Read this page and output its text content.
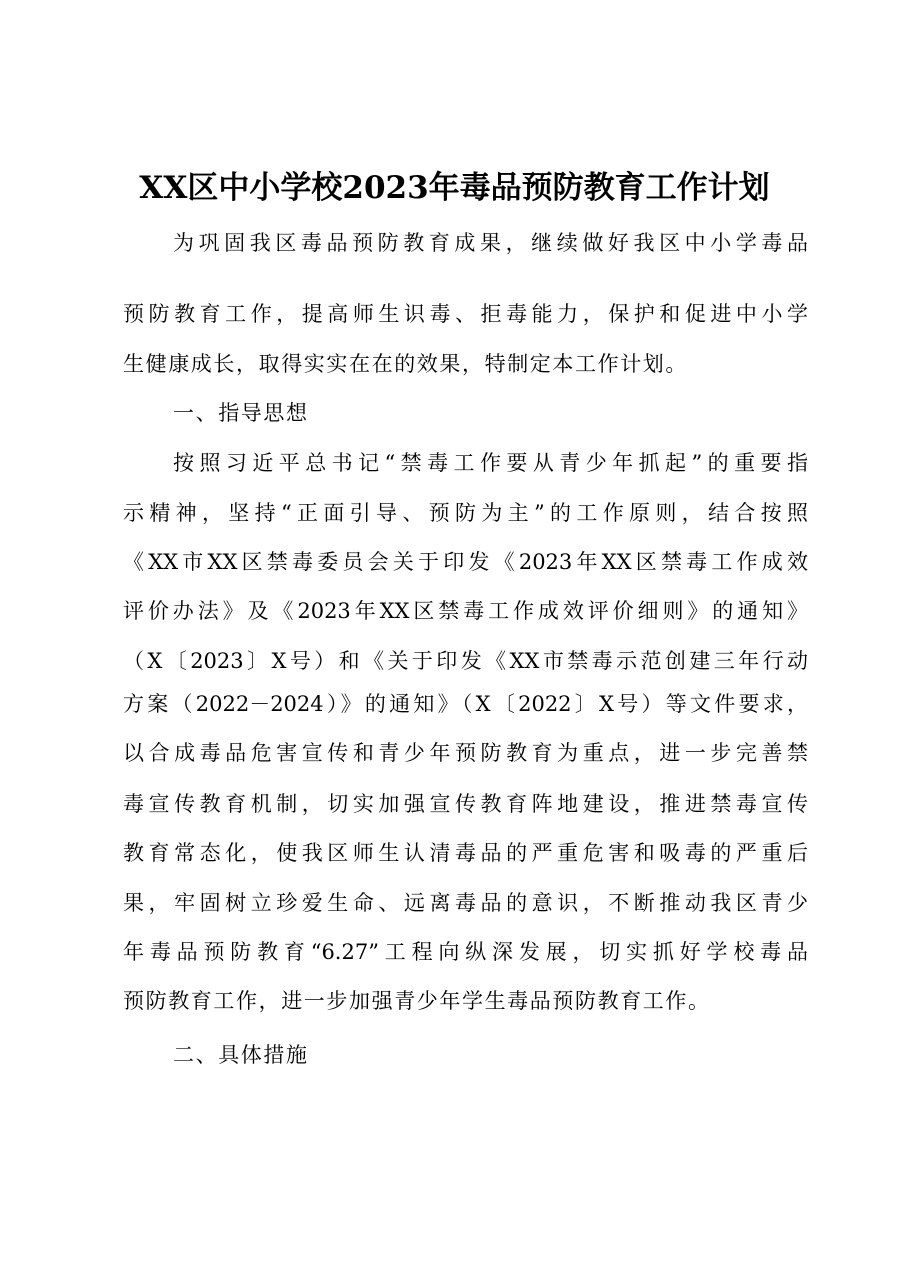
XX区中小学校2023年毒品预防教育工作计划
为巩固我区毒品预防教育成果，继续做好我区中小学毒品
预防教育工作，提高师生识毒、拒毒能力，保护和促进中小学
生健康成长，取得实实在在的效果，特制定本工作计划。
一、指导思想
按照习近平总书记“禁毒工作要从青少年抓起”的重要指
示精神，坚持“正面引导、预防为主”的工作原则，结合按照
《XX市XX区禁毒委员会关于印发《2023年XX区禁毒工作成效
评价办法》及《2023年XX区禁毒工作成效评价细则》的通知》
（X〔2023〕X号）和《关于印发《XX市禁毒示范创建三年行动
方案（2022－2024）》的通知》（X〔2022〕X号）等文件要求，
以合成毒品危害宣传和青少年预防教育为重点，进一步完善禁
毒宣传教育机制，切实加强宣传教育阵地建设，推进禁毒宣传
教育常态化，使我区师生认清毒品的严重危害和吸毒的严重后
果，牢固树立珍爱生命、远离毒品的意识，不断推动我区青少
年毒品预防教育“6.27”工程向纵深发展，切实抓好学校毒品
预防教育工作，进一步加强青少年学生毒品预防教育工作。
二、具体措施
